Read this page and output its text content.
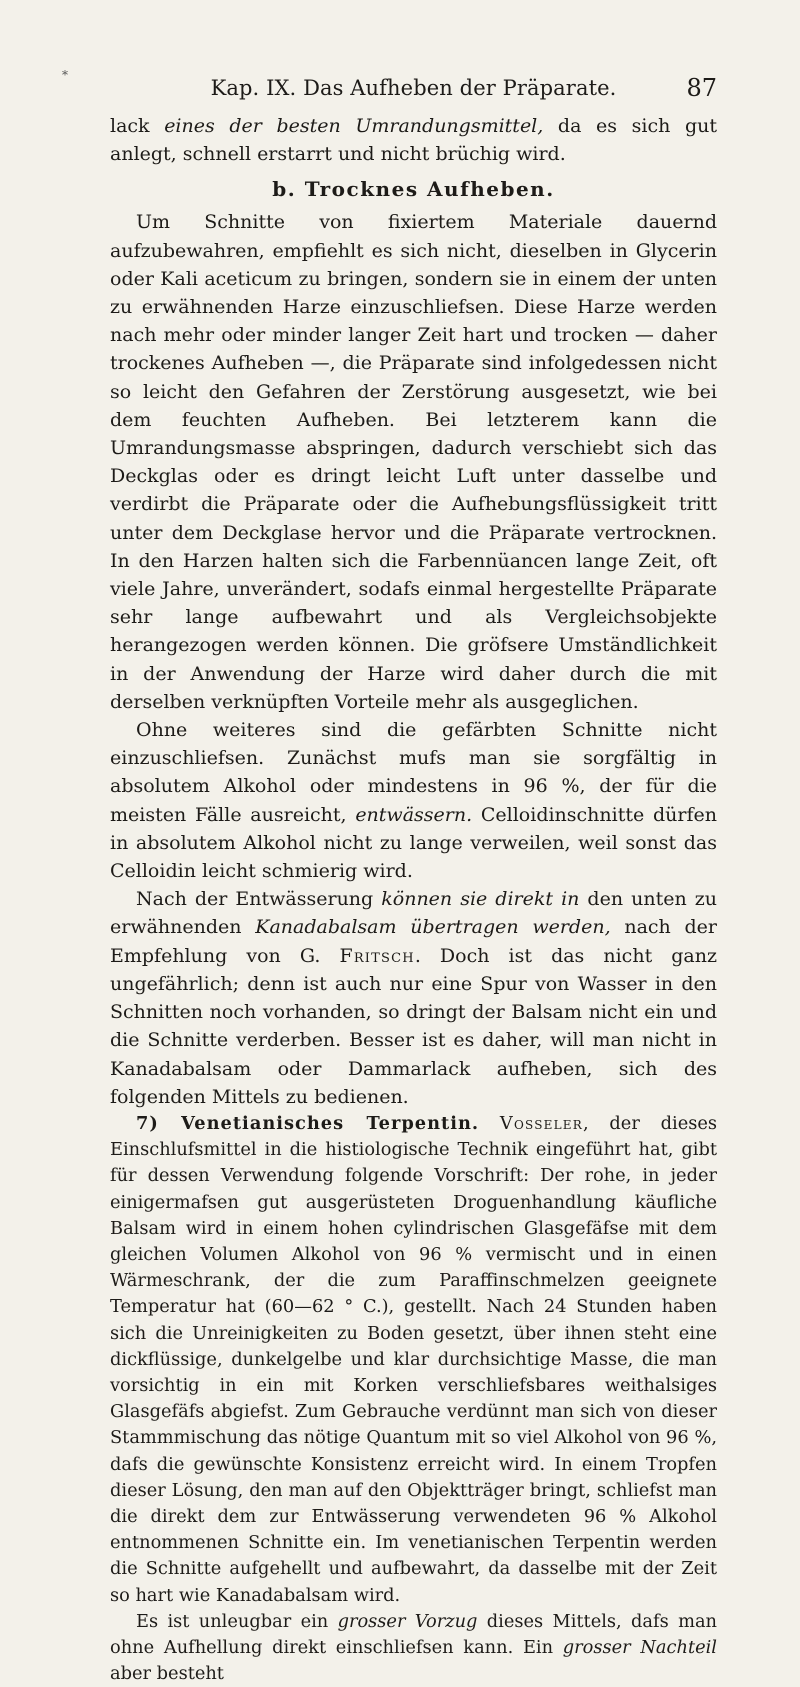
*
Kap. IX. Das Aufheben der Präparate.	87

lack eines der besten Umrandungsmittel, da es sich gut anlegt, schnell erstarrt und nicht brüchig wird.

b. Trocknes Aufheben.

Um Schnitte von fixiertem Materiale dauernd aufzubewahren, empfiehlt es sich nicht, dieselben in Glycerin oder Kali aceticum zu bringen, sondern sie in einem der unten zu erwähnenden Harze einzuschliefsen. Diese Harze werden nach mehr oder minder langer Zeit hart und trocken — daher trockenes Aufheben —, die Präparate sind infolgedessen nicht so leicht den Gefahren der Zerstörung ausgesetzt, wie bei dem feuchten Aufheben. Bei letzterem kann die Umrandungsmasse abspringen, dadurch verschiebt sich das Deckglas oder es dringt leicht Luft unter dasselbe und verdirbt die Präparate oder die Aufhebungsflüssigkeit tritt unter dem Deckglase hervor und die Präparate vertrocknen. In den Harzen halten sich die Farbennüancen lange Zeit, oft viele Jahre, unverändert, sodafs einmal hergestellte Präparate sehr lange aufbewahrt und als Vergleichsobjekte herangezogen werden können. Die gröfsere Umständlichkeit in der Anwendung der Harze wird daher durch die mit derselben verknüpften Vorteile mehr als ausgeglichen.

Ohne weiteres sind die gefärbten Schnitte nicht einzuschliefsen. Zunächst mufs man sie sorgfältig in absolutem Alkohol oder mindestens in 96 %, der für die meisten Fälle ausreicht, entwässern. Celloidinschnitte dürfen in absolutem Alkohol nicht zu lange verweilen, weil sonst das Celloidin leicht schmierig wird.

Nach der Entwässerung können sie direkt in den unten zu erwähnenden Kanadabalsam übertragen werden, nach der Empfehlung von G. Fritsch. Doch ist das nicht ganz ungefährlich; denn ist auch nur eine Spur von Wasser in den Schnitten noch vorhanden, so dringt der Balsam nicht ein und die Schnitte verderben. Besser ist es daher, will man nicht in Kanadabalsam oder Dammarlack aufheben, sich des folgenden Mittels zu bedienen.

7) Venetianisches Terpentin. Vosseler, der dieses Einschlufsmittel in die histiologische Technik eingeführt hat, gibt für dessen Verwendung folgende Vorschrift: Der rohe, in jeder einigermafsen gut ausgerüsteten Droguenhandlung käufliche Balsam wird in einem hohen cylindrischen Glasgefäfse mit dem gleichen Volumen Alkohol von 96 % vermischt und in einen Wärmeschrank, der die zum Paraffinschmelzen geeignete Temperatur hat (60—62 ° C.), gestellt. Nach 24 Stunden haben sich die Unreinigkeiten zu Boden gesetzt, über ihnen steht eine dickflüssige, dunkelgelbe und klar durchsichtige Masse, die man vorsichtig in ein mit Korken verschliefsbares weithalsiges Glasgefäfs abgiefst. Zum Gebrauche verdünnt man sich von dieser Stammmischung das nötige Quantum mit so viel Alkohol von 96 %, dafs die gewünschte Konsistenz erreicht wird. In einem Tropfen dieser Lösung, den man auf den Objektträger bringt, schliefst man die direkt dem zur Entwässerung verwendeten 96 % Alkohol entnommenen Schnitte ein. Im venetianischen Terpentin werden die Schnitte aufgehellt und aufbewahrt, da dasselbe mit der Zeit so hart wie Kanadabalsam wird.

Es ist unleugbar ein grosser Vorzug dieses Mittels, dafs man ohne Aufhellung direkt einschliefsen kann. Ein grosser Nachteil aber besteht
